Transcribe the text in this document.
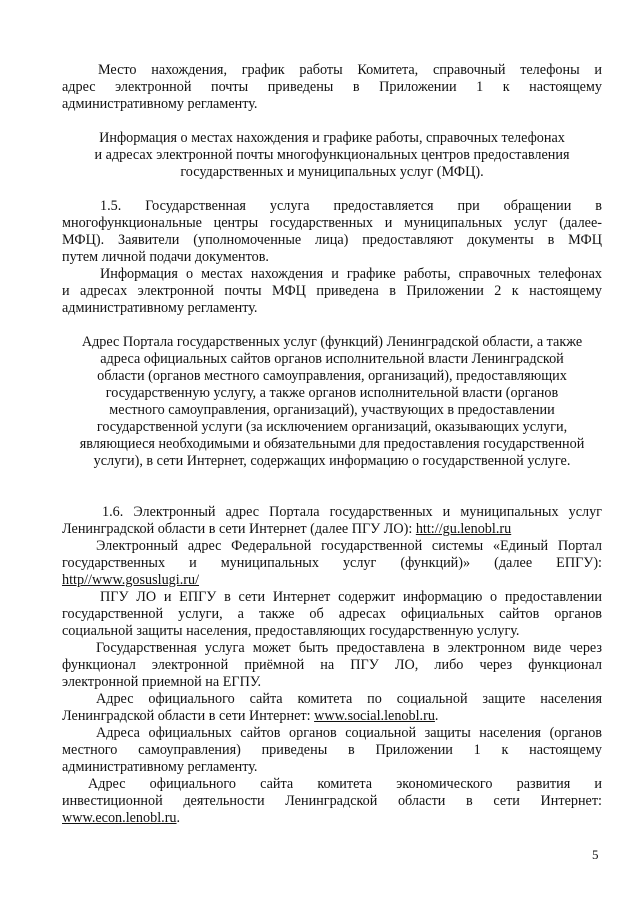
Место нахождения, график работы Комитета, справочный телефоны и

адрес электронной почты приведены в Приложении 1 к настоящему

административному регламенту.

Информация о местах нахождения и графике работы, справочных телефонах

и адресах электронной почты многофункциональных центров предоставления

государственных и муниципальных услуг (МФЦ).

1.5. Государственная услуга предоставляется при обращении в

многофункциональные центры государственных и муниципальных услуг (далее-

МФЦ). Заявители (уполномоченные лица) предоставляют документы в МФЦ

путем личной подачи документов.

Информация о местах нахождения и графике работы, справочных телефонах

и адресах электронной почты МФЦ приведена в Приложении 2 к настоящему

административному регламенту.

Адрес Портала государственных услуг (функций) Ленинградской области, а также

адреса официальных сайтов органов исполнительной власти Ленинградской

области (органов местного самоуправления, организаций), предоставляющих

государственную услугу, а также органов исполнительной власти (органов

местного самоуправления, организаций), участвующих в предоставлении

государственной услуги (за исключением организаций, оказывающих услуги,

являющиеся необходимыми и обязательными для предоставления государственной

услуги), в сети Интернет, содержащих информацию о государственной услуге.

1.6. Электронный адрес Портала государственных и муниципальных услуг

Ленинградской области в сети Интернет (далее ПГУ ЛО): htt://gu.lenobl.ru

Электронный адрес Федеральной государственной системы «Единый Портал

государственных и муниципальных услуг (функций)» (далее ЕПГУ):

http//www.gosuslugi.ru/

ПГУ ЛО и ЕПГУ в сети Интернет содержит информацию о предоставлении

государственной услуги, а также об адресах официальных сайтов органов

социальной защиты населения, предоставляющих государственную услугу.

Государственная услуга может быть предоставлена в электронном виде через

функционал электронной приёмной на ПГУ ЛО, либо через функционал

электронной приемной на ЕГПУ.

Адрес официального сайта комитета по социальной защите населения

Ленинградской области в сети Интернет: www.social.lenobl.ru.

Адреса официальных сайтов органов социальной защиты населения (органов

местного самоуправления) приведены в Приложении 1 к настоящему

административному регламенту.

Адрес официального сайта комитета экономического развития и

инвестиционной деятельности Ленинградской области в сети Интернет:

www.econ.lenobl.ru.

5
